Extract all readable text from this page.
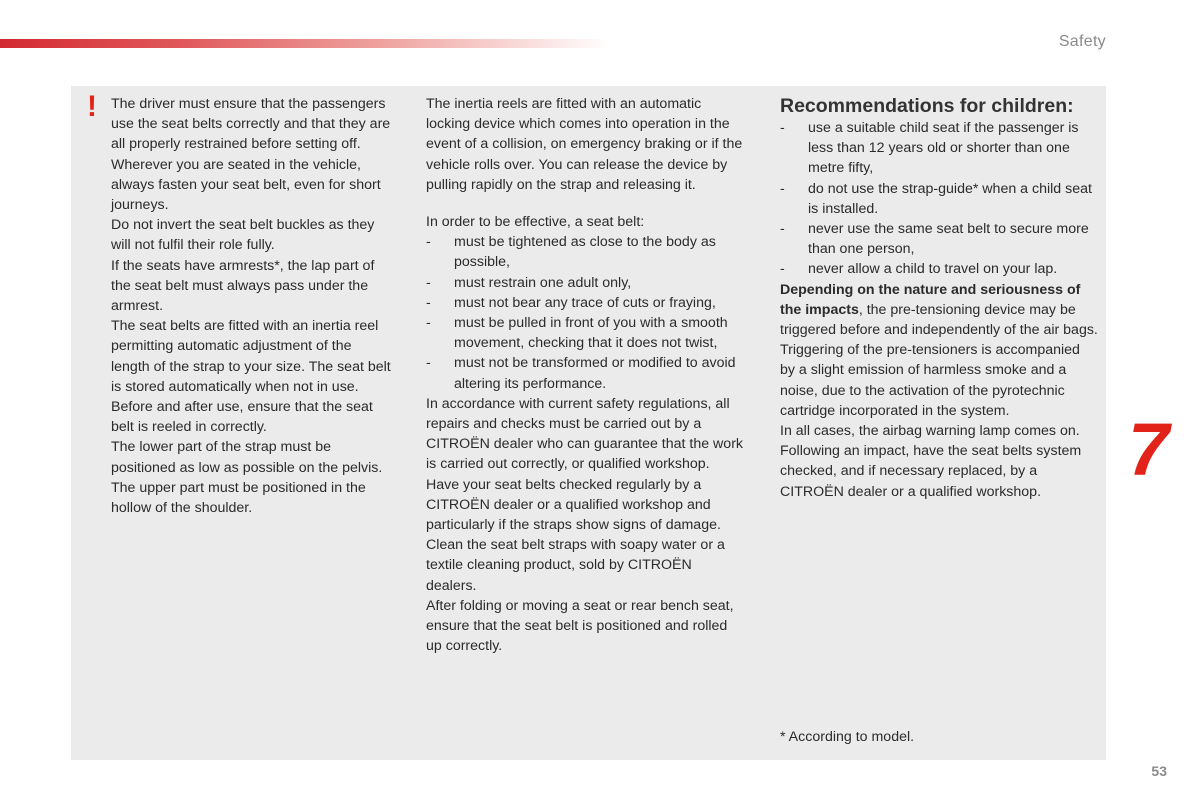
Safety
! The driver must ensure that the passengers use the seat belts correctly and that they are all properly restrained before setting off.

Wherever you are seated in the vehicle, always fasten your seat belt, even for short journeys.

Do not invert the seat belt buckles as they will not fulfil their role fully.

If the seats have armrests*, the lap part of the seat belt must always pass under the armrest.

The seat belts are fitted with an inertia reel permitting automatic adjustment of the length of the strap to your size. The seat belt is stored automatically when not in use.

Before and after use, ensure that the seat belt is reeled in correctly.

The lower part of the strap must be positioned as low as possible on the pelvis.

The upper part must be positioned in the hollow of the shoulder.

The inertia reels are fitted with an automatic locking device which comes into operation in the event of a collision, on emergency braking or if the vehicle rolls over. You can release the device by pulling rapidly on the strap and releasing it.

In order to be effective, a seat belt:

- must be tightened as close to the body as possible,
- must restrain one adult only,
- must not bear any trace of cuts or fraying,
- must be pulled in front of you with a smooth movement, checking that it does not twist,
- must not be transformed or modified to avoid altering its performance.

In accordance with current safety regulations, all repairs and checks must be carried out by a CITROËN dealer who can guarantee that the work is carried out correctly, or qualified workshop.

Have your seat belts checked regularly by a CITROËN dealer or a qualified workshop and particularly if the straps show signs of damage.

Clean the seat belt straps with soapy water or a textile cleaning product, sold by CITROËN dealers.

After folding or moving a seat or rear bench seat, ensure that the seat belt is positioned and rolled up correctly.

Recommendations for children:

- use a suitable child seat if the passenger is less than 12 years old or shorter than one metre fifty,
- do not use the strap-guide* when a child seat is installed.
- never use the same seat belt to secure more than one person,
- never allow a child to travel on your lap.

Depending on the nature and seriousness of the impacts, the pre-tensioning device may be triggered before and independently of the air bags. Triggering of the pre-tensioners is accompanied by a slight emission of harmless smoke and a noise, due to the activation of the pyrotechnic cartridge incorporated in the system.

In all cases, the airbag warning lamp comes on.

Following an impact, have the seat belts system checked, and if necessary replaced, by a CITROËN dealer or a qualified workshop.

* According to model.
7
53
